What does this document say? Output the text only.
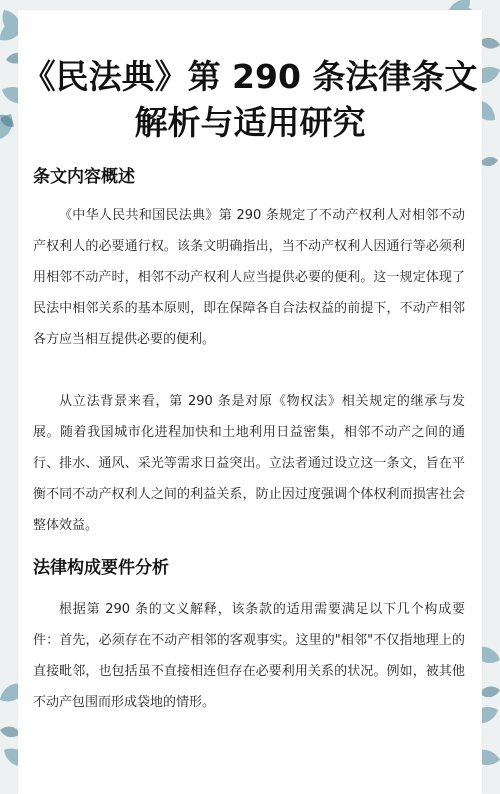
《民法典》第 290 条法律条文解析与适用研究
条文内容概述

《中华人民共和国民法典》第 290 条规定了不动产权利人对相邻不动产权利人的必要通行权。该条文明确指出，当不动产权利人因通行等必须利用相邻不动产时，相邻不动产权利人应当提供必要的便利。这一规定体现了民法中相邻关系的基本原则，即在保障各自合法权益的前提下，不动产相邻各方应当相互提供必要的便利。

从立法背景来看，第 290 条是对原《物权法》相关规定的继承与发展。随着我国城市化进程加快和土地利用日益密集，相邻不动产之间的通行、排水、通风、采光等需求日益突出。立法者通过设立这一条文，旨在平衡不同不动产权利人之间的利益关系，防止因过度强调个体权利而损害社会整体效益。

法律构成要件分析

根据第 290 条的文义解释，该条款的适用需要满足以下几个构成要件：首先，必须存在不动产相邻的客观事实。这里的"相邻"不仅指地理上的直接毗邻，也包括虽不直接相连但存在必要利用关系的状况。例如，被其他不动产包围而形成袋地的情形。
